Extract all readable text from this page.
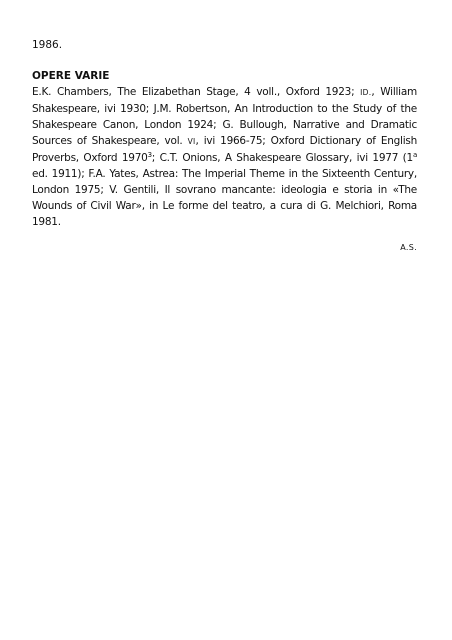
1986.

OPERE VARIE

E.K. Chambers, The Elizabethan Stage, 4 voll., Oxford 1923; ID., William Shakespeare, ivi 1930; J.M. Robertson, An Introduction to the Study of the Shakespeare Canon, London 1924; G. Bullough, Narrative and Dramatic Sources of Shakespeare, vol. VI, ivi 1966-75; Oxford Dictionary of English Proverbs, Oxford 1970$^3$; C.T. Onions, A Shakespeare Glossary, ivi 1977 (1$^a$ ed. 1911); F.A. Yates, Astrea: The Imperial Theme in the Sixteenth Century, London 1975; V. Gentili, Il sovrano mancante: ideologia e storia in «The Wounds of Civil War», in Le forme del teatro, a cura di G. Melchiori, Roma 1981.

A.S.
